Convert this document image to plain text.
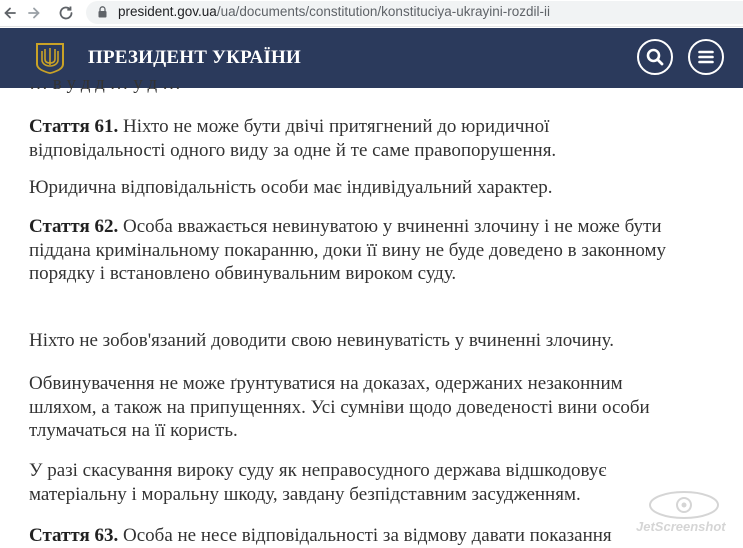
president.gov.ua/ua/documents/constitution/konstituciya-ukrayini-rozdil-ii
ПРЕЗИДЕНТ УКРАЇНИ

… в у д д … у д …

Стаття 61. Ніхто не може бути двічі притягнений до юридичної відповідальності одного виду за одне й те саме правопорушення.

Юридична відповідальність особи має індивідуальний характер.

Стаття 62. Особа вважається невинуватою у вчиненні злочину і не може бути піддана кримінальному покаранню, доки її вину не буде доведено в законному порядку і встановлено обвинувальним вироком суду.

Ніхто не зобов'язаний доводити свою невинуватість у вчиненні злочину.

Обвинувачення не може ґрунтуватися на доказах, одержаних незаконним шляхом, а також на припущеннях. Усі сумніви щодо доведеності вини особи тлумачаться на її користь.

У разі скасування вироку суду як неправосудного держава відшкодовує матеріальну і моральну шкоду, завдану безпідставним засудженням.

Стаття 63. Особа не несе відповідальності за відмову давати показання	JetScreenshot
